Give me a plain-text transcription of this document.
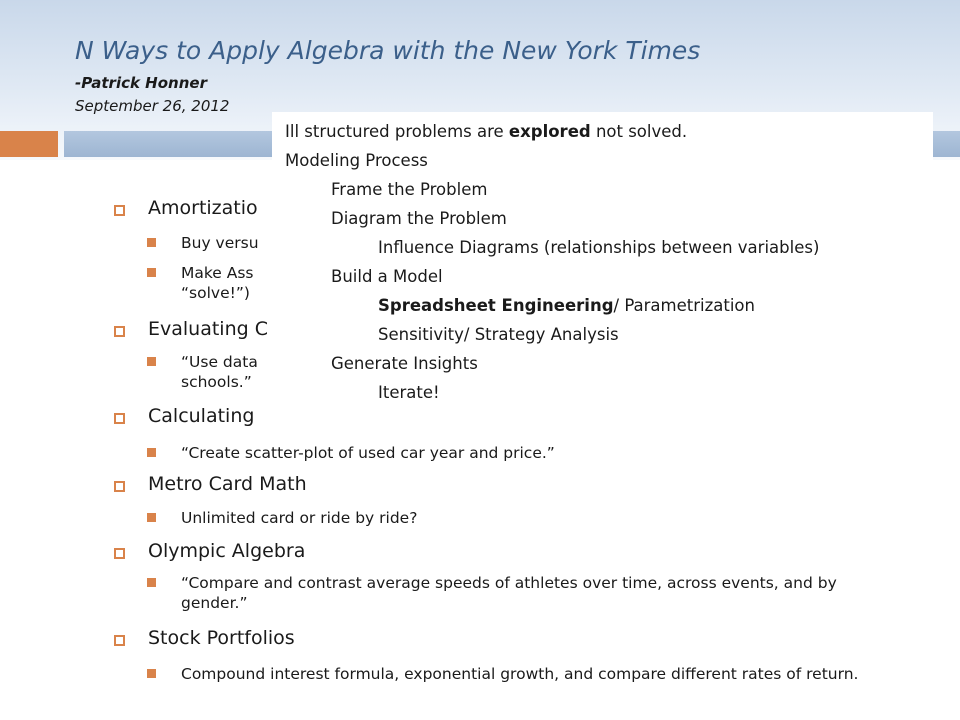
N Ways to Apply Algebra with the New York Times
-Patrick Honner
September 26, 2012
Amortizatio
Buy versu
Make Ass
“solve!”)
Evaluating C
“Use data
schools.”
Calculating
“Create scatter-plot of used car year and price.”
Metro Card Math
Unlimited card or ride by ride?
Olympic Algebra
“Compare and contrast average speeds of athletes over time, across events, and by gender.”
Stock Portfolios
Compound interest formula, exponential growth, and compare different rates of return.
Ill structured problems are explored not solved.
Modeling Process
Frame the Problem
Diagram the Problem
Influence Diagrams (relationships between variables)
Build a Model
Spreadsheet Engineering/ Parametrization
Sensitivity/ Strategy Analysis
Generate Insights
Iterate!
